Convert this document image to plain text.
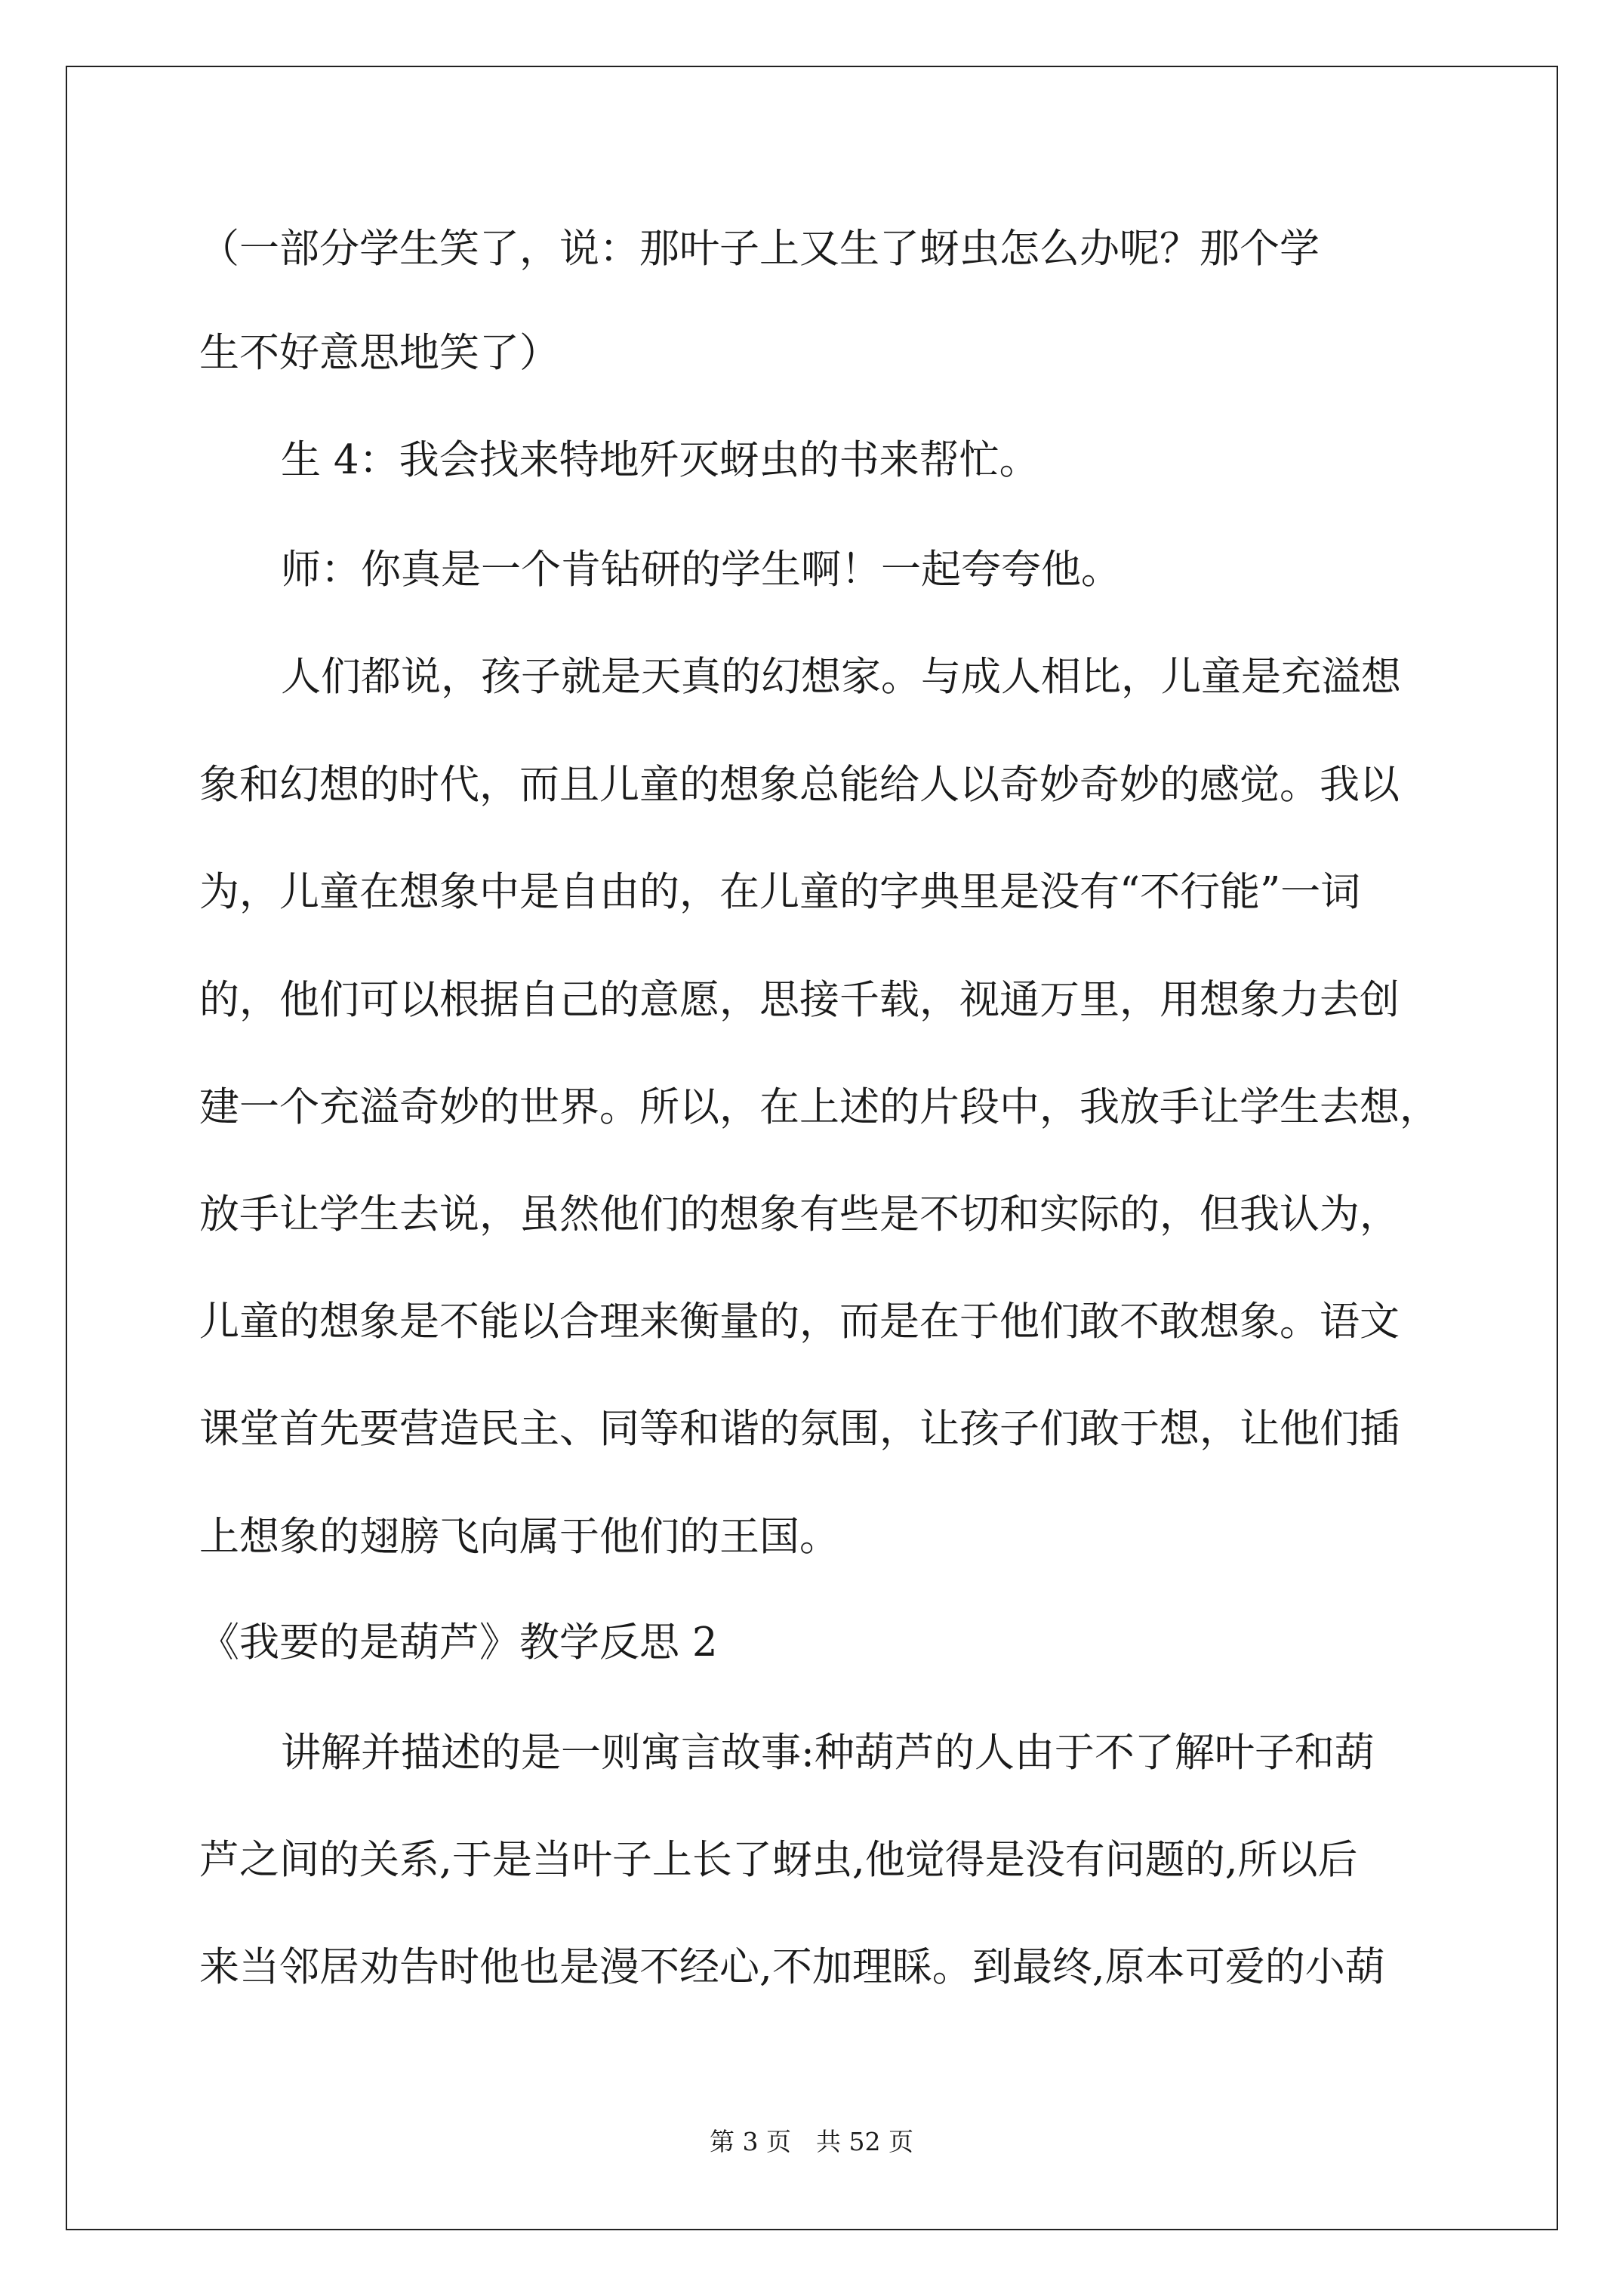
（一部分学生笑了，说：那叶子上又生了蚜虫怎么办呢？那个学
生不好意思地笑了）
生 4：我会找来特地歼灭蚜虫的书来帮忙。
师：你真是一个肯钻研的学生啊！一起夸夸他。
人们都说，孩子就是天真的幻想家。与成人相比，儿童是充溢想
象和幻想的时代，而且儿童的想象总能给人以奇妙奇妙的感觉。我以
为，儿童在想象中是自由的，在儿童的字典里是没有“不行能”一词
的，他们可以根据自己的意愿，思接千载，视通万里，用想象力去创
建一个充溢奇妙的世界。所以，在上述的片段中，我放手让学生去想，
放手让学生去说，虽然他们的想象有些是不切和实际的，但我认为，
儿童的想象是不能以合理来衡量的，而是在于他们敢不敢想象。语文
课堂首先要营造民主、同等和谐的氛围，让孩子们敢于想，让他们插
上想象的翅膀飞向属于他们的王国。
《我要的是葫芦》教学反思 2
讲解并描述的是一则寓言故事:种葫芦的人由于不了解叶子和葫
芦之间的关系,于是当叶子上长了蚜虫,他觉得是没有问题的,所以后
来当邻居劝告时他也是漫不经心,不加理睬。到最终,原本可爱的小葫
第 3 页　共 52 页
